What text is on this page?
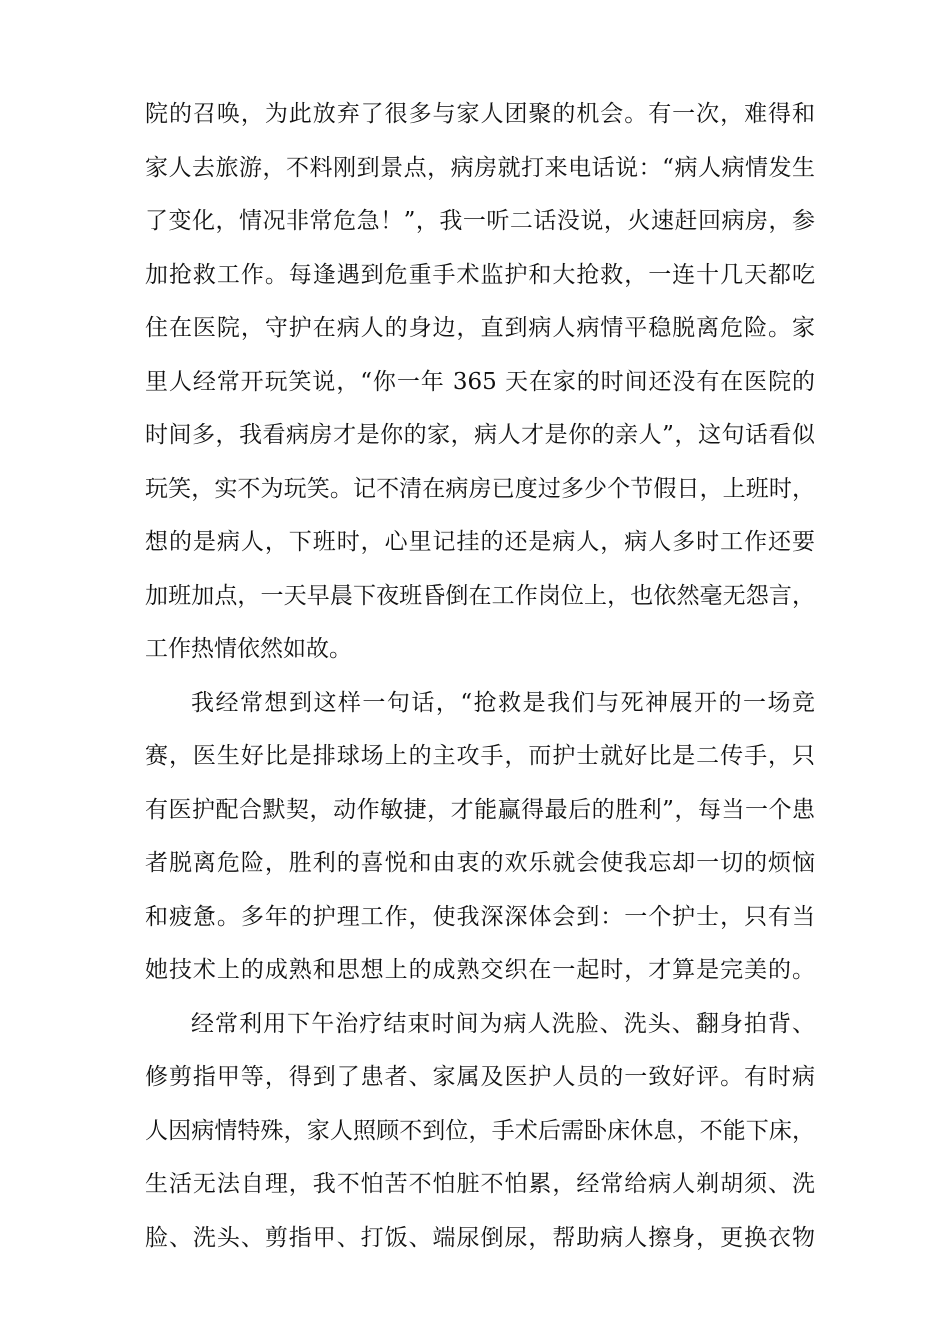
院的召唤，为此放弃了很多与家人团聚的机会。有一次，难得和
家人去旅游，不料刚到景点，病房就打来电话说：“病人病情发生
了变化，情况非常危急！”，我一听二话没说，火速赶回病房，参
加抢救工作。每逢遇到危重手术监护和大抢救，一连十几天都吃
住在医院，守护在病人的身边，直到病人病情平稳脱离危险。家
里人经常开玩笑说，“你一年 365 天在家的时间还没有在医院的
时间多，我看病房才是你的家，病人才是你的亲人”，这句话看似
玩笑，实不为玩笑。记不清在病房已度过多少个节假日，上班时，
想的是病人，下班时，心里记挂的还是病人，病人多时工作还要
加班加点，一天早晨下夜班昏倒在工作岗位上，也依然毫无怨言，
工作热情依然如故。
我经常想到这样一句话，“抢救是我们与死神展开的一场竞
赛，医生好比是排球场上的主攻手，而护士就好比是二传手，只
有医护配合默契，动作敏捷，才能赢得最后的胜利”，每当一个患
者脱离危险，胜利的喜悦和由衷的欢乐就会使我忘却一切的烦恼
和疲惫。多年的护理工作，使我深深体会到：一个护士，只有当
她技术上的成熟和思想上的成熟交织在一起时，才算是完美的。
经常利用下午治疗结束时间为病人洗脸、洗头、翻身拍背、
修剪指甲等，得到了患者、家属及医护人员的一致好评。有时病
人因病情特殊，家人照顾不到位，手术后需卧床休息，不能下床，
生活无法自理，我不怕苦不怕脏不怕累，经常给病人剃胡须、洗
脸、洗头、剪指甲、打饭、端尿倒尿，帮助病人擦身，更换衣物
